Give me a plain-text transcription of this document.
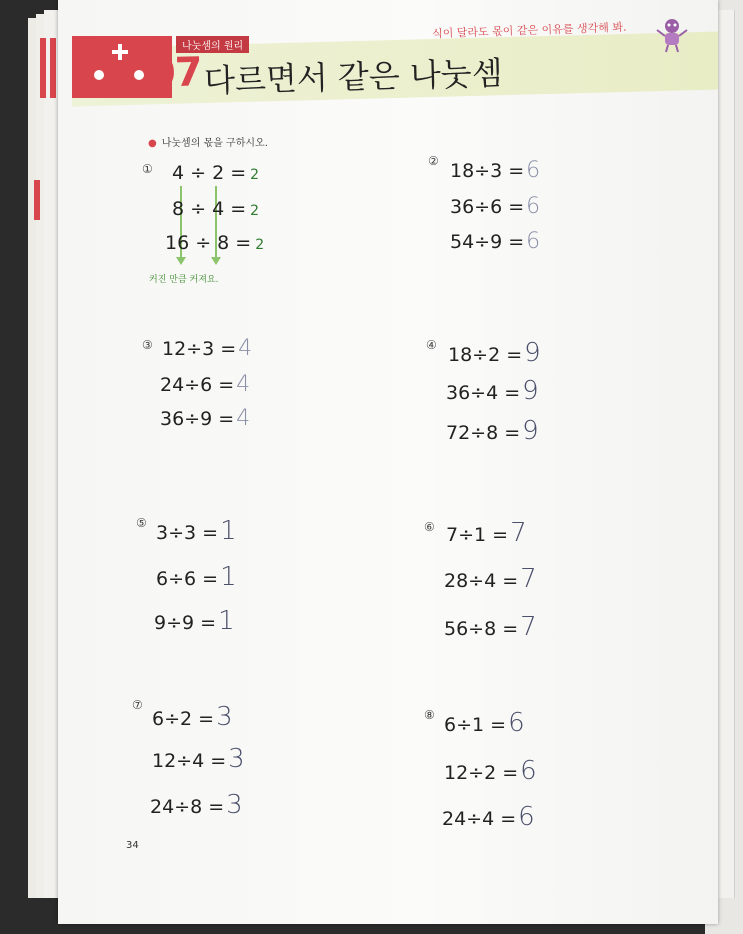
나눗셈의 원리
07 다르면서 같은 나눗셈
식이 달라도 몫이 같은 이유를 생각해 봐.
● 나눗셈의 몫을 구하시오.
① 4 ÷ 2 = 2
8 ÷ 4 = 2
16 ÷ 8 = 2
커진 만큼 커져요.
② 18÷3 =6
36÷6 =6
54÷9 =6
③ 12÷3 =4
24÷6 =4
36÷9 =4
④ 18÷2 =9
36÷4 =9
72÷8 =9
⑤ 3÷3 =1
6÷6 =1
9÷9 =1
⑥ 7÷1 =7
28÷4 =7
56÷8 =7
⑦
6÷2 =3
12÷4 =3
24÷8 =3
⑧ 6÷1 =6
12÷2 =6
24÷4 =6
34
